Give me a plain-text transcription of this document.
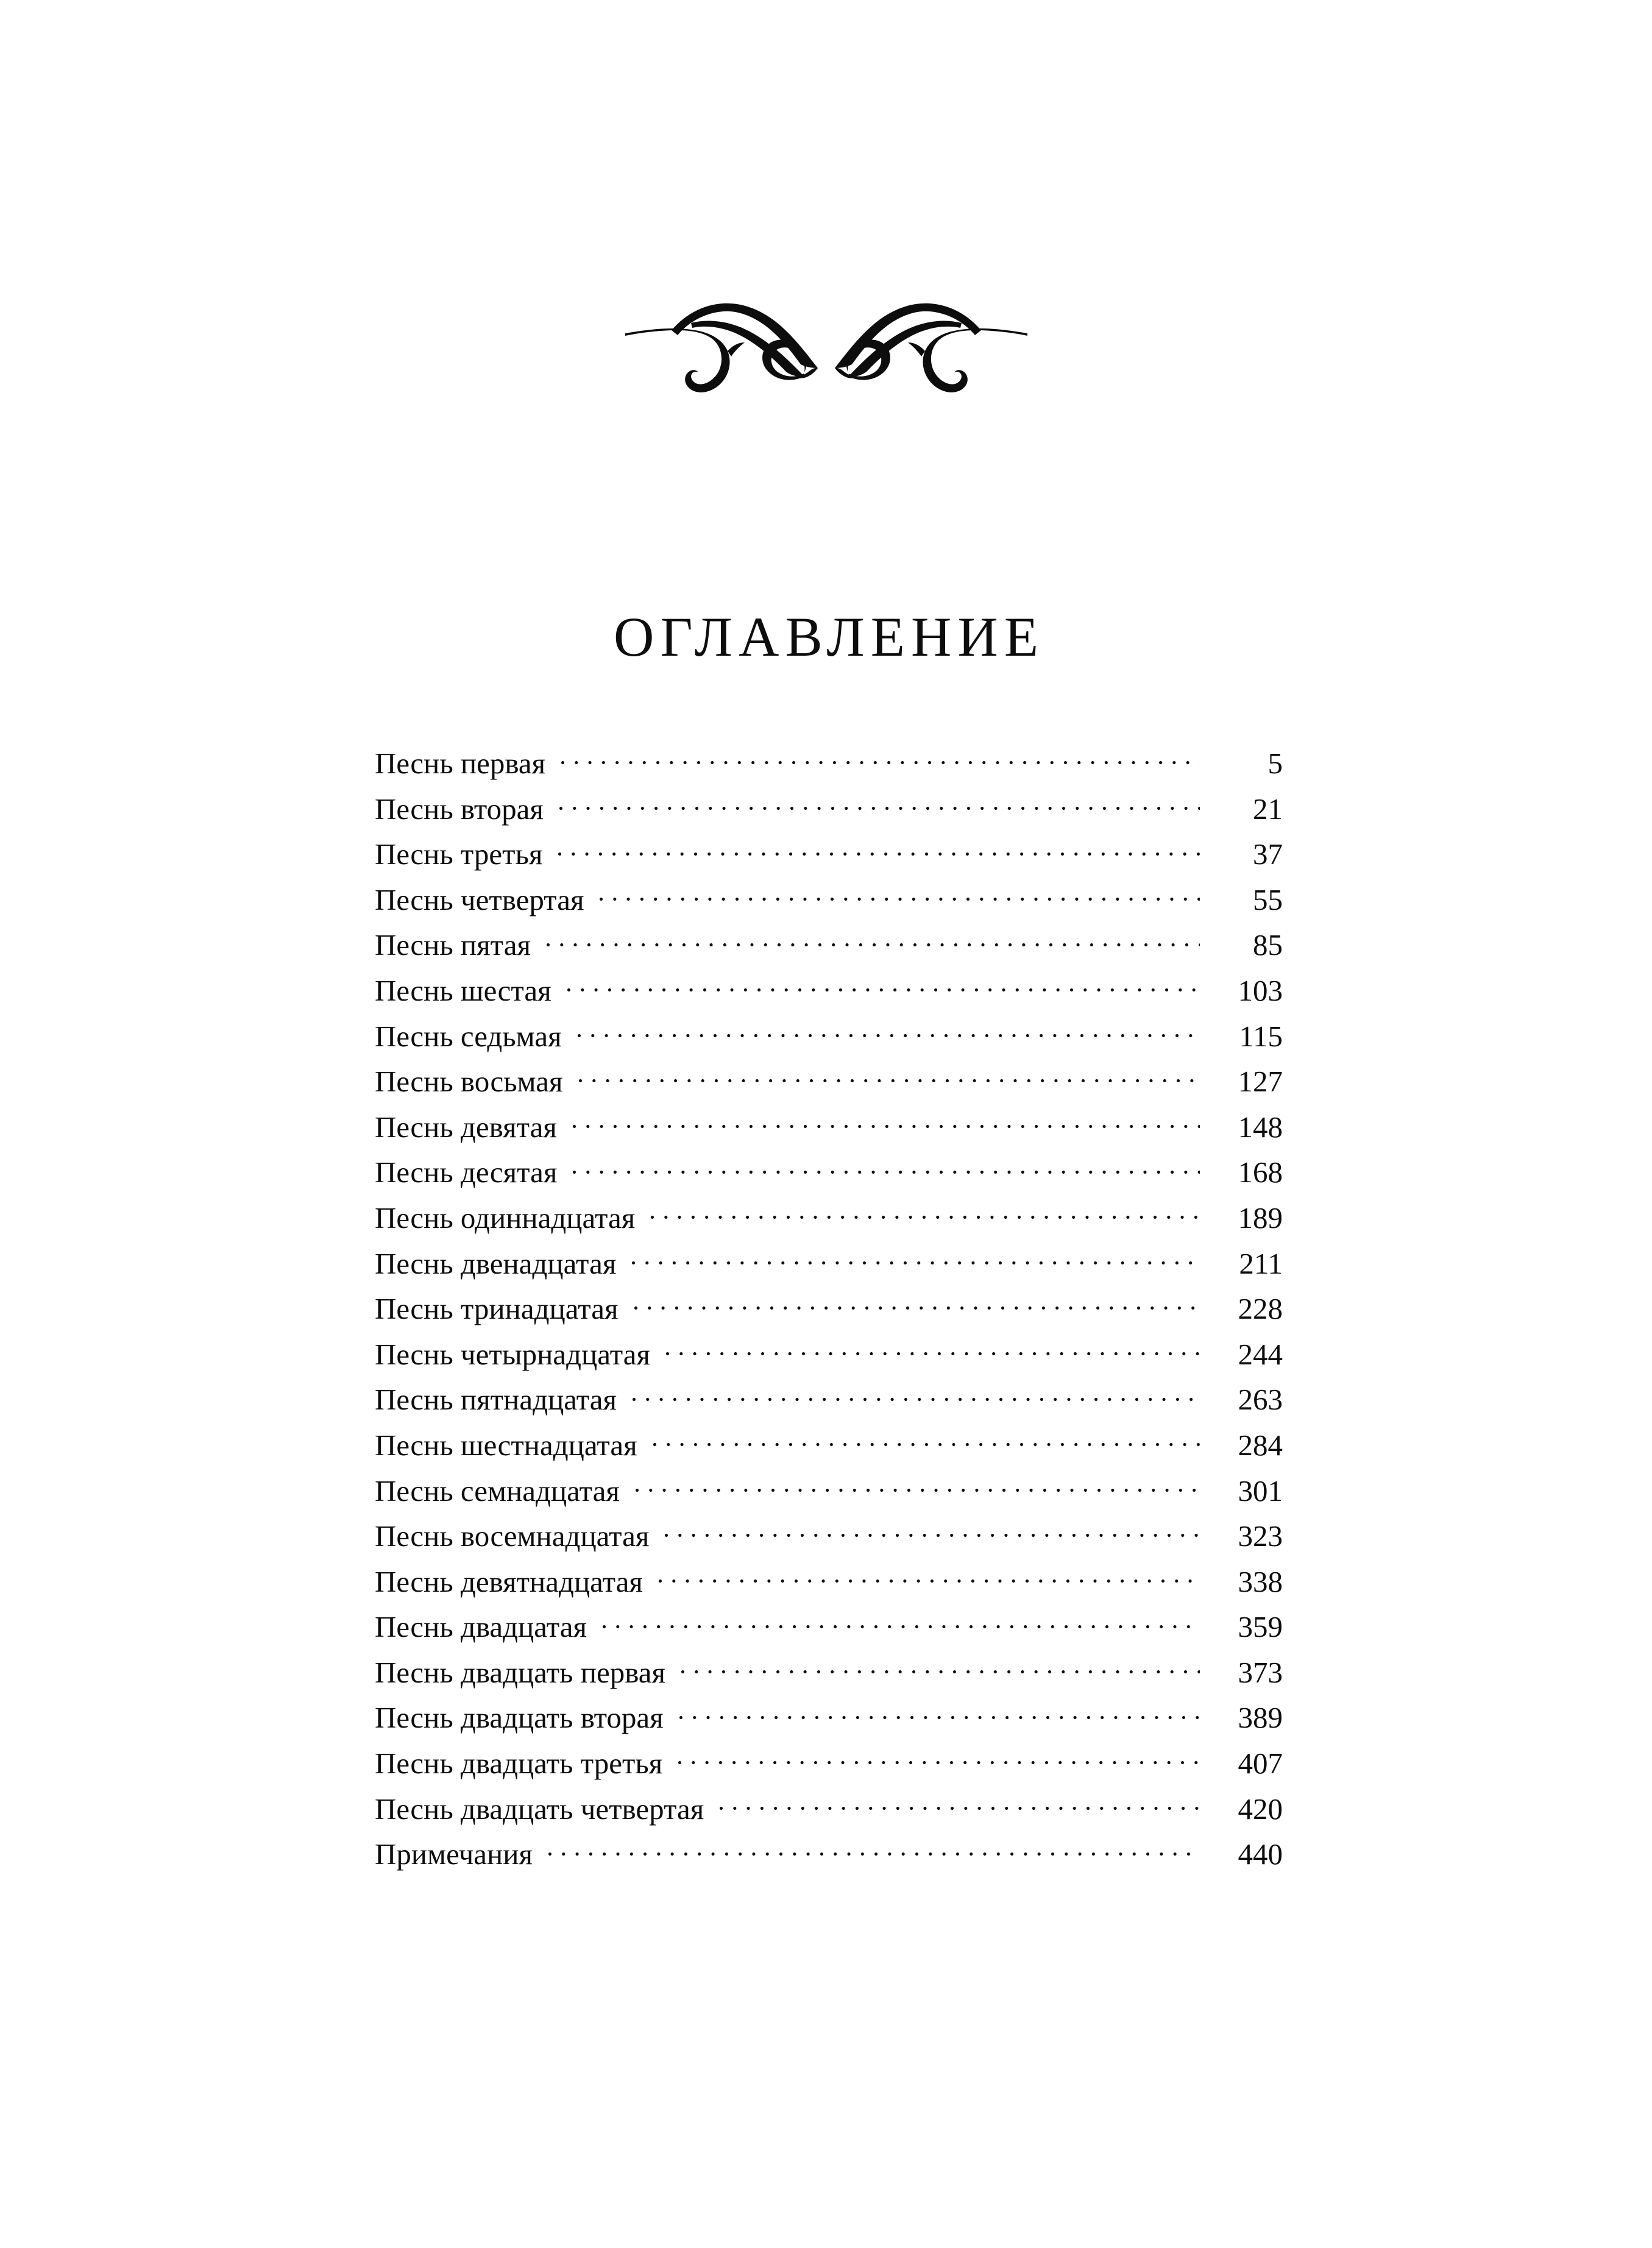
ОГЛАВЛЕНИЕ
Песнь первая	5
Песнь вторая	21
Песнь третья	37
Песнь четвертая	55
Песнь пятая	85
Песнь шестая	103
Песнь седьмая	115
Песнь восьмая	127
Песнь девятая	148
Песнь десятая	168
Песнь одиннадцатая	189
Песнь двенадцатая	211
Песнь тринадцатая	228
Песнь четырнадцатая	244
Песнь пятнадцатая	263
Песнь шестнадцатая	284
Песнь семнадцатая	301
Песнь восемнадцатая	323
Песнь девятнадцатая	338
Песнь двадцатая	359
Песнь двадцать первая	373
Песнь двадцать вторая	389
Песнь двадцать третья	407
Песнь двадцать четвертая	420
Примечания	440
